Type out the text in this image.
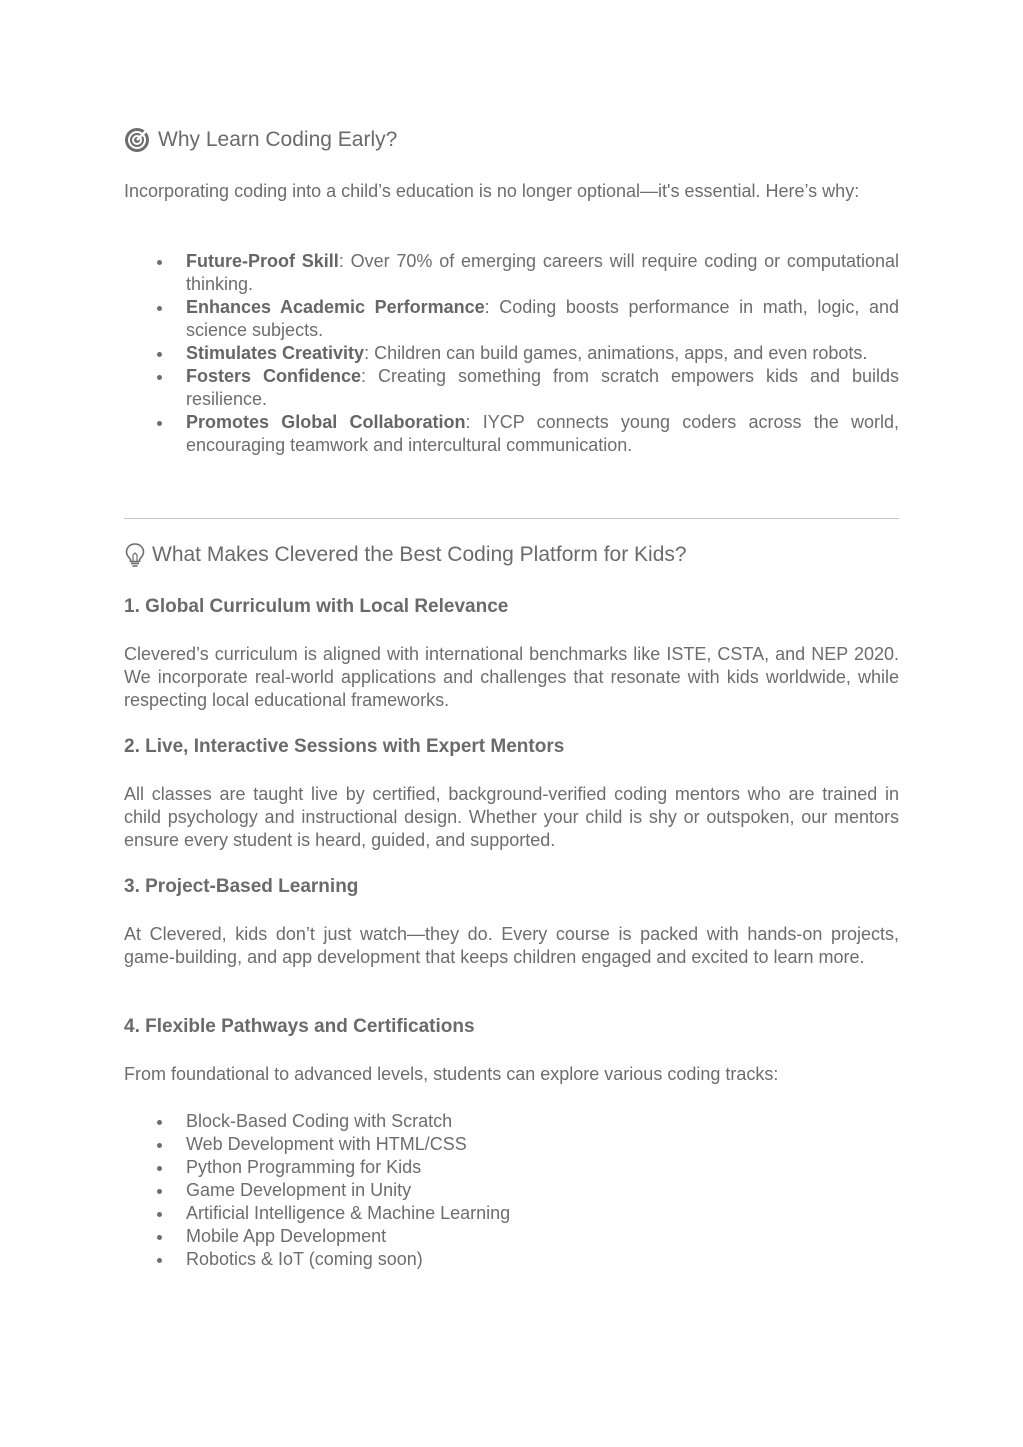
Why Learn Coding Early?

Incorporating coding into a child’s education is no longer optional—it's essential. Here’s why:

Future-Proof Skill: Over 70% of emerging careers will require coding or computational thinking.
Enhances Academic Performance: Coding boosts performance in math, logic, and science subjects.
Stimulates Creativity: Children can build games, animations, apps, and even robots.
Fosters Confidence: Creating something from scratch empowers kids and builds resilience.
Promotes Global Collaboration: IYCP connects young coders across the world, encouraging teamwork and intercultural communication.
What Makes Clevered the Best Coding Platform for Kids?
1. Global Curriculum with Local Relevance

Clevered’s curriculum is aligned with international benchmarks like ISTE, CSTA, and NEP 2020. We incorporate real-world applications and challenges that resonate with kids worldwide, while respecting local educational frameworks.

2. Live, Interactive Sessions with Expert Mentors

All classes are taught live by certified, background-verified coding mentors who are trained in child psychology and instructional design. Whether your child is shy or outspoken, our mentors ensure every student is heard, guided, and supported.

3. Project-Based Learning

At Clevered, kids don’t just watch—they do. Every course is packed with hands-on projects, game-building, and app development that keeps children engaged and excited to learn more.

4. Flexible Pathways and Certifications

From foundational to advanced levels, students can explore various coding tracks:

Block-Based Coding with Scratch
Web Development with HTML/CSS
Python Programming for Kids
Game Development in Unity
Artificial Intelligence & Machine Learning
Mobile App Development
Robotics & IoT (coming soon)
